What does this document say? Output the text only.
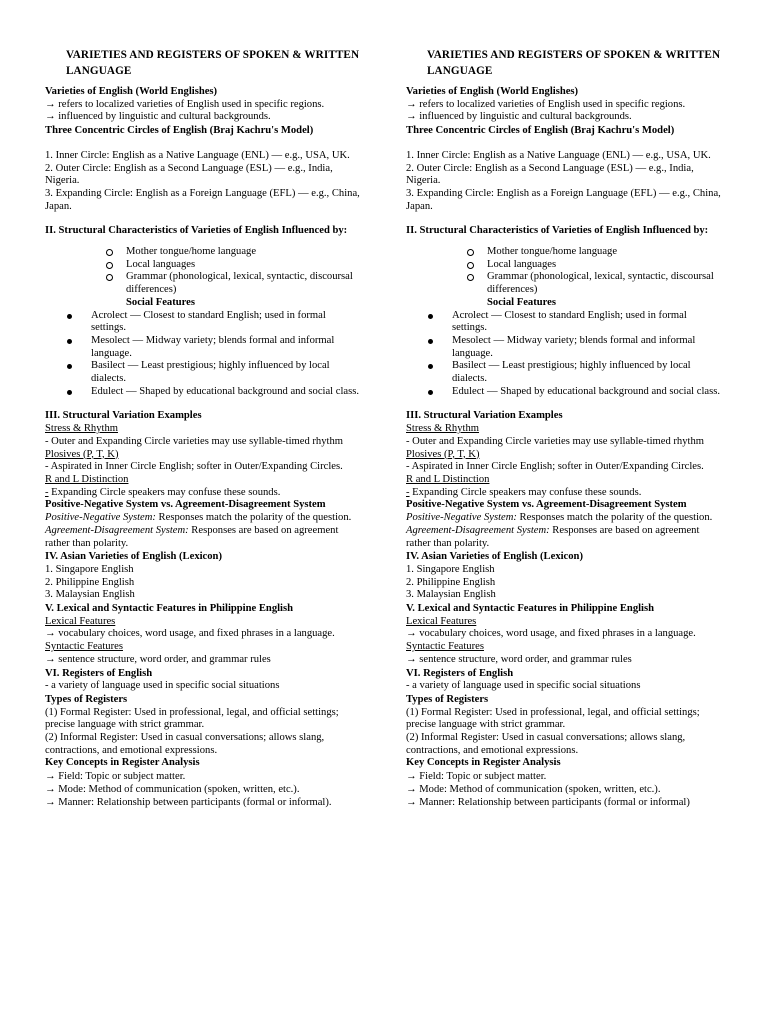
VARIETIES AND REGISTERS OF SPOKEN & WRITTEN LANGUAGE
Varieties of English (World Englishes)

→ refers to localized varieties of English used in specific regions.

→ influenced by linguistic and cultural backgrounds.

Three Concentric Circles of English (Braj Kachru's Model)

1. Inner Circle: English as a Native Language (ENL) — e.g., USA, UK.

2. Outer Circle: English as a Second Language (ESL) — e.g., India, Nigeria.

3. Expanding Circle: English as a Foreign Language (EFL) — e.g., China, Japan.

II. Structural Characteristics of Varieties of English Influenced by:
Mother tongue/home language
Local languages
Grammar (phonological, lexical, syntactic, discoursal differences)
Social Features
Acrolect — Closest to standard English; used in formal settings.
Mesolect — Midway variety; blends formal and informal language.
Basilect — Least prestigious; highly influenced by local dialects.
Edulect — Shaped by educational background and social class.
III. Structural Variation Examples
Stress & Rhythm

- Outer and Expanding Circle varieties may use syllable-timed rhythm

Plosives (P, T, K)

- Aspirated in Inner Circle English; softer in Outer/Expanding Circles.

R and L Distinction

- Expanding Circle speakers may confuse these sounds.

Positive-Negative System vs. Agreement-Disagreement System

Positive-Negative System: Responses match the polarity of the question.

Agreement-Disagreement System: Responses are based on agreement rather than polarity.

IV. Asian Varieties of English (Lexicon)

1. Singapore English

2. Philippine English

3. Malaysian English

V. Lexical and Syntactic Features in Philippine English
Lexical Features

→ vocabulary choices, word usage, and fixed phrases in a language.

Syntactic Features

→ sentence structure, word order, and grammar rules

VI. Registers of English

- a variety of language used in specific social situations

Types of Registers

(1) Formal Register: Used in professional, legal, and official settings; precise language with strict grammar.

(2) Informal Register: Used in casual conversations; allows slang, contractions, and emotional expressions.

Key Concepts in Register Analysis

→ Field: Topic or subject matter.

→ Mode: Method of communication (spoken, written, etc.).

→ Manner: Relationship between participants (formal or informal).

VARIETIES AND REGISTERS OF SPOKEN & WRITTEN LANGUAGE
Varieties of English (World Englishes)

→ refers to localized varieties of English used in specific regions.

→ influenced by linguistic and cultural backgrounds.

Three Concentric Circles of English (Braj Kachru's Model)

1. Inner Circle: English as a Native Language (ENL) — e.g., USA, UK.

2. Outer Circle: English as a Second Language (ESL) — e.g., India, Nigeria.

3. Expanding Circle: English as a Foreign Language (EFL) — e.g., China, Japan.

II. Structural Characteristics of Varieties of English Influenced by:
Mother tongue/home language
Local languages
Grammar (phonological, lexical, syntactic, discoursal differences)
Social Features
Acrolect — Closest to standard English; used in formal settings.
Mesolect — Midway variety; blends formal and informal language.
Basilect — Least prestigious; highly influenced by local dialects.
Edulect — Shaped by educational background and social class.
III. Structural Variation Examples
Stress & Rhythm

- Outer and Expanding Circle varieties may use syllable-timed rhythm

Plosives (P, T, K)

- Aspirated in Inner Circle English; softer in Outer/Expanding Circles.

R and L Distinction

- Expanding Circle speakers may confuse these sounds.

Positive-Negative System vs. Agreement-Disagreement System

Positive-Negative System: Responses match the polarity of the question.

Agreement-Disagreement System: Responses are based on agreement rather than polarity.

IV. Asian Varieties of English (Lexicon)

1. Singapore English

2. Philippine English

3. Malaysian English

V. Lexical and Syntactic Features in Philippine English
Lexical Features

→ vocabulary choices, word usage, and fixed phrases in a language.

Syntactic Features

→ sentence structure, word order, and grammar rules

VI. Registers of English

- a variety of language used in specific social situations

Types of Registers

(1) Formal Register: Used in professional, legal, and official settings; precise language with strict grammar.

(2) Informal Register: Used in casual conversations; allows slang, contractions, and emotional expressions.

Key Concepts in Register Analysis

→ Field: Topic or subject matter.

→ Mode: Method of communication (spoken, written, etc.).

→ Manner: Relationship between participants (formal or informal)
